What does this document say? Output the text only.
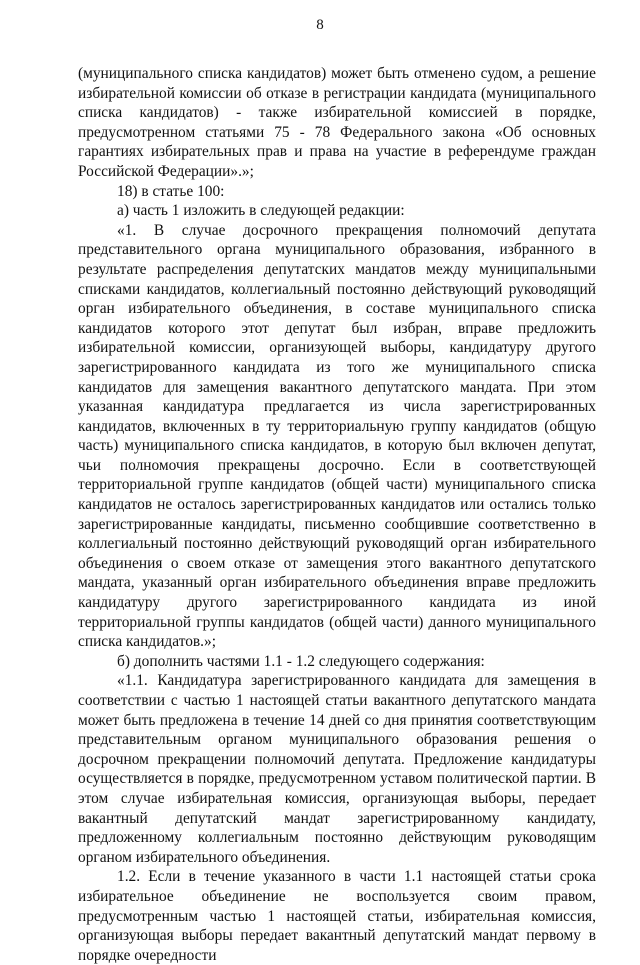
8

(муниципального списка кандидатов) может быть отменено судом, а решение избирательной комиссии об отказе в регистрации кандидата (муниципального списка кандидатов) - также избирательной комиссией в порядке, предусмотренном статьями 75 - 78 Федерального закона «Об основных гарантиях избирательных прав и права на участие в референдуме граждан Российской Федерации».»;

18) в статье 100:

а) часть 1 изложить в следующей редакции:

«1. В случае досрочного прекращения полномочий депутата представительного органа муниципального образования, избранного в результате распределения депутатских мандатов между муниципальными списками кандидатов, коллегиальный постоянно действующий руководящий орган избирательного объединения, в составе муниципального списка кандидатов которого этот депутат был избран, вправе предложить избирательной комиссии, организующей выборы, кандидатуру другого зарегистрированного кандидата из того же муниципального списка кандидатов для замещения вакантного депутатского мандата. При этом указанная кандидатура предлагается из числа зарегистрированных кандидатов, включенных в ту территориальную группу кандидатов (общую часть) муниципального списка кандидатов, в которую был включен депутат, чьи полномочия прекращены досрочно. Если в соответствующей территориальной группе кандидатов (общей части) муниципального списка кандидатов не осталось зарегистрированных кандидатов или остались только зарегистрированные кандидаты, письменно сообщившие соответственно в коллегиальный постоянно действующий руководящий орган избирательного объединения о своем отказе от замещения этого вакантного депутатского мандата, указанный орган избирательного объединения вправе предложить кандидатуру другого зарегистрированного кандидата из иной территориальной группы кандидатов (общей части) данного муниципального списка кандидатов.»;

б) дополнить частями 1.1 - 1.2 следующего содержания:

«1.1. Кандидатура зарегистрированного кандидата для замещения в соответствии с частью 1 настоящей статьи вакантного депутатского мандата может быть предложена в течение 14 дней со дня принятия соответствующим представительным органом муниципального образования решения о досрочном прекращении полномочий депутата. Предложение кандидатуры осуществляется в порядке, предусмотренном уставом политической партии. В этом случае избирательная комиссия, организующая выборы, передает вакантный депутатский мандат зарегистрированному кандидату, предложенному коллегиальным постоянно действующим руководящим органом избирательного объединения.

1.2. Если в течение указанного в части 1.1 настоящей статьи срока избирательное объединение не воспользуется своим правом, предусмотренным частью 1 настоящей статьи, избирательная комиссия, организующая выборы передает вакантный депутатский мандат первому в порядке очередности
